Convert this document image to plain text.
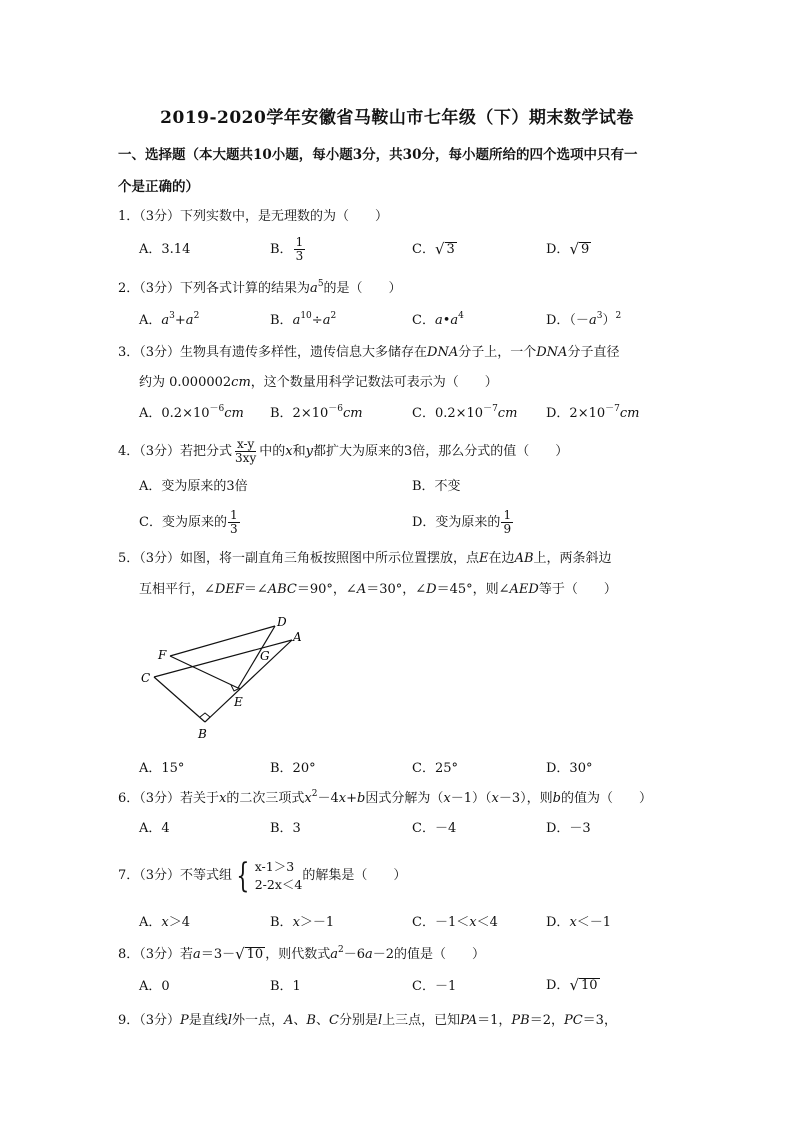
2019-2020学年安徽省马鞍山市七年级（下）期末数学试卷
一、选择题（本大题共10小题，每小题3分，共30分，每小题所给的四个选项中只有一
个是正确的）
1．（3分）下列实数中，是无理数的为（　　）
A．3.14	B． $\frac{1}{3}$	C． √ 3	D． √ 9
2．（3分）下列各式计算的结果为$a^5$的是（　　）
A．$a^3+a^2$	B．$a^{10}\div a^2$	C．$a•a^4$	D．$(-a^3)^2$
3．（3分）生物具有遗传多样性，遗传信息大多储存在DNA分子上，一个DNA分子直径
约为 0.000002cm，这个数量用科学记数法可表示为（　　）
A．$0.2\times 10^{-6}cm$ B．$2\times 10^{-6}cm$	C．$0.2\times 10^{-7}cm$ D．$2\times 10^{-7}cm$
4．（3分）若把分式 $\frac{x-y}{3xy}$ 中的x和y都扩大为原来的3倍，那么分式的值（　　）
A．变为原来的3倍	B．不变
C．变为原来的 $\frac{1}{3}$	D．变为原来的 $\frac{1}{9}$
5．（3分）如图，将一副直角三角板按照图中所示位置摆放，点E在边AB上，两条斜边
互相平行，∠DEF＝∠ABC＝90°，∠A＝30°，∠D＝45°，则∠AED等于（　　）
D
A
F	G
C
E
B
A．15°	B．20°	C．25°	D．30°
6．（3分）若关于x的二次三项式$x^2-4x+b$因式分解为（x－1）（x－3），则b的值为（　　）
A．4	B．3	C．－4	D．－3
7．（3分）不等式组 { x-1＞3
2-2x＜4
的解集是（　　）
A．x＞4	B．x＞－1	C．－1＜x＜4	D．x＜－1
8．（3分）若a＝3－ √ 10 ，则代数式$a^2-6a-2$的值是（　　）
A．0	B．1	C．－1	D． √ 10
9．（3分）P是直线l外一点，A、B、C分别是l上三点，已知PA＝1，PB＝2，PC＝3，
